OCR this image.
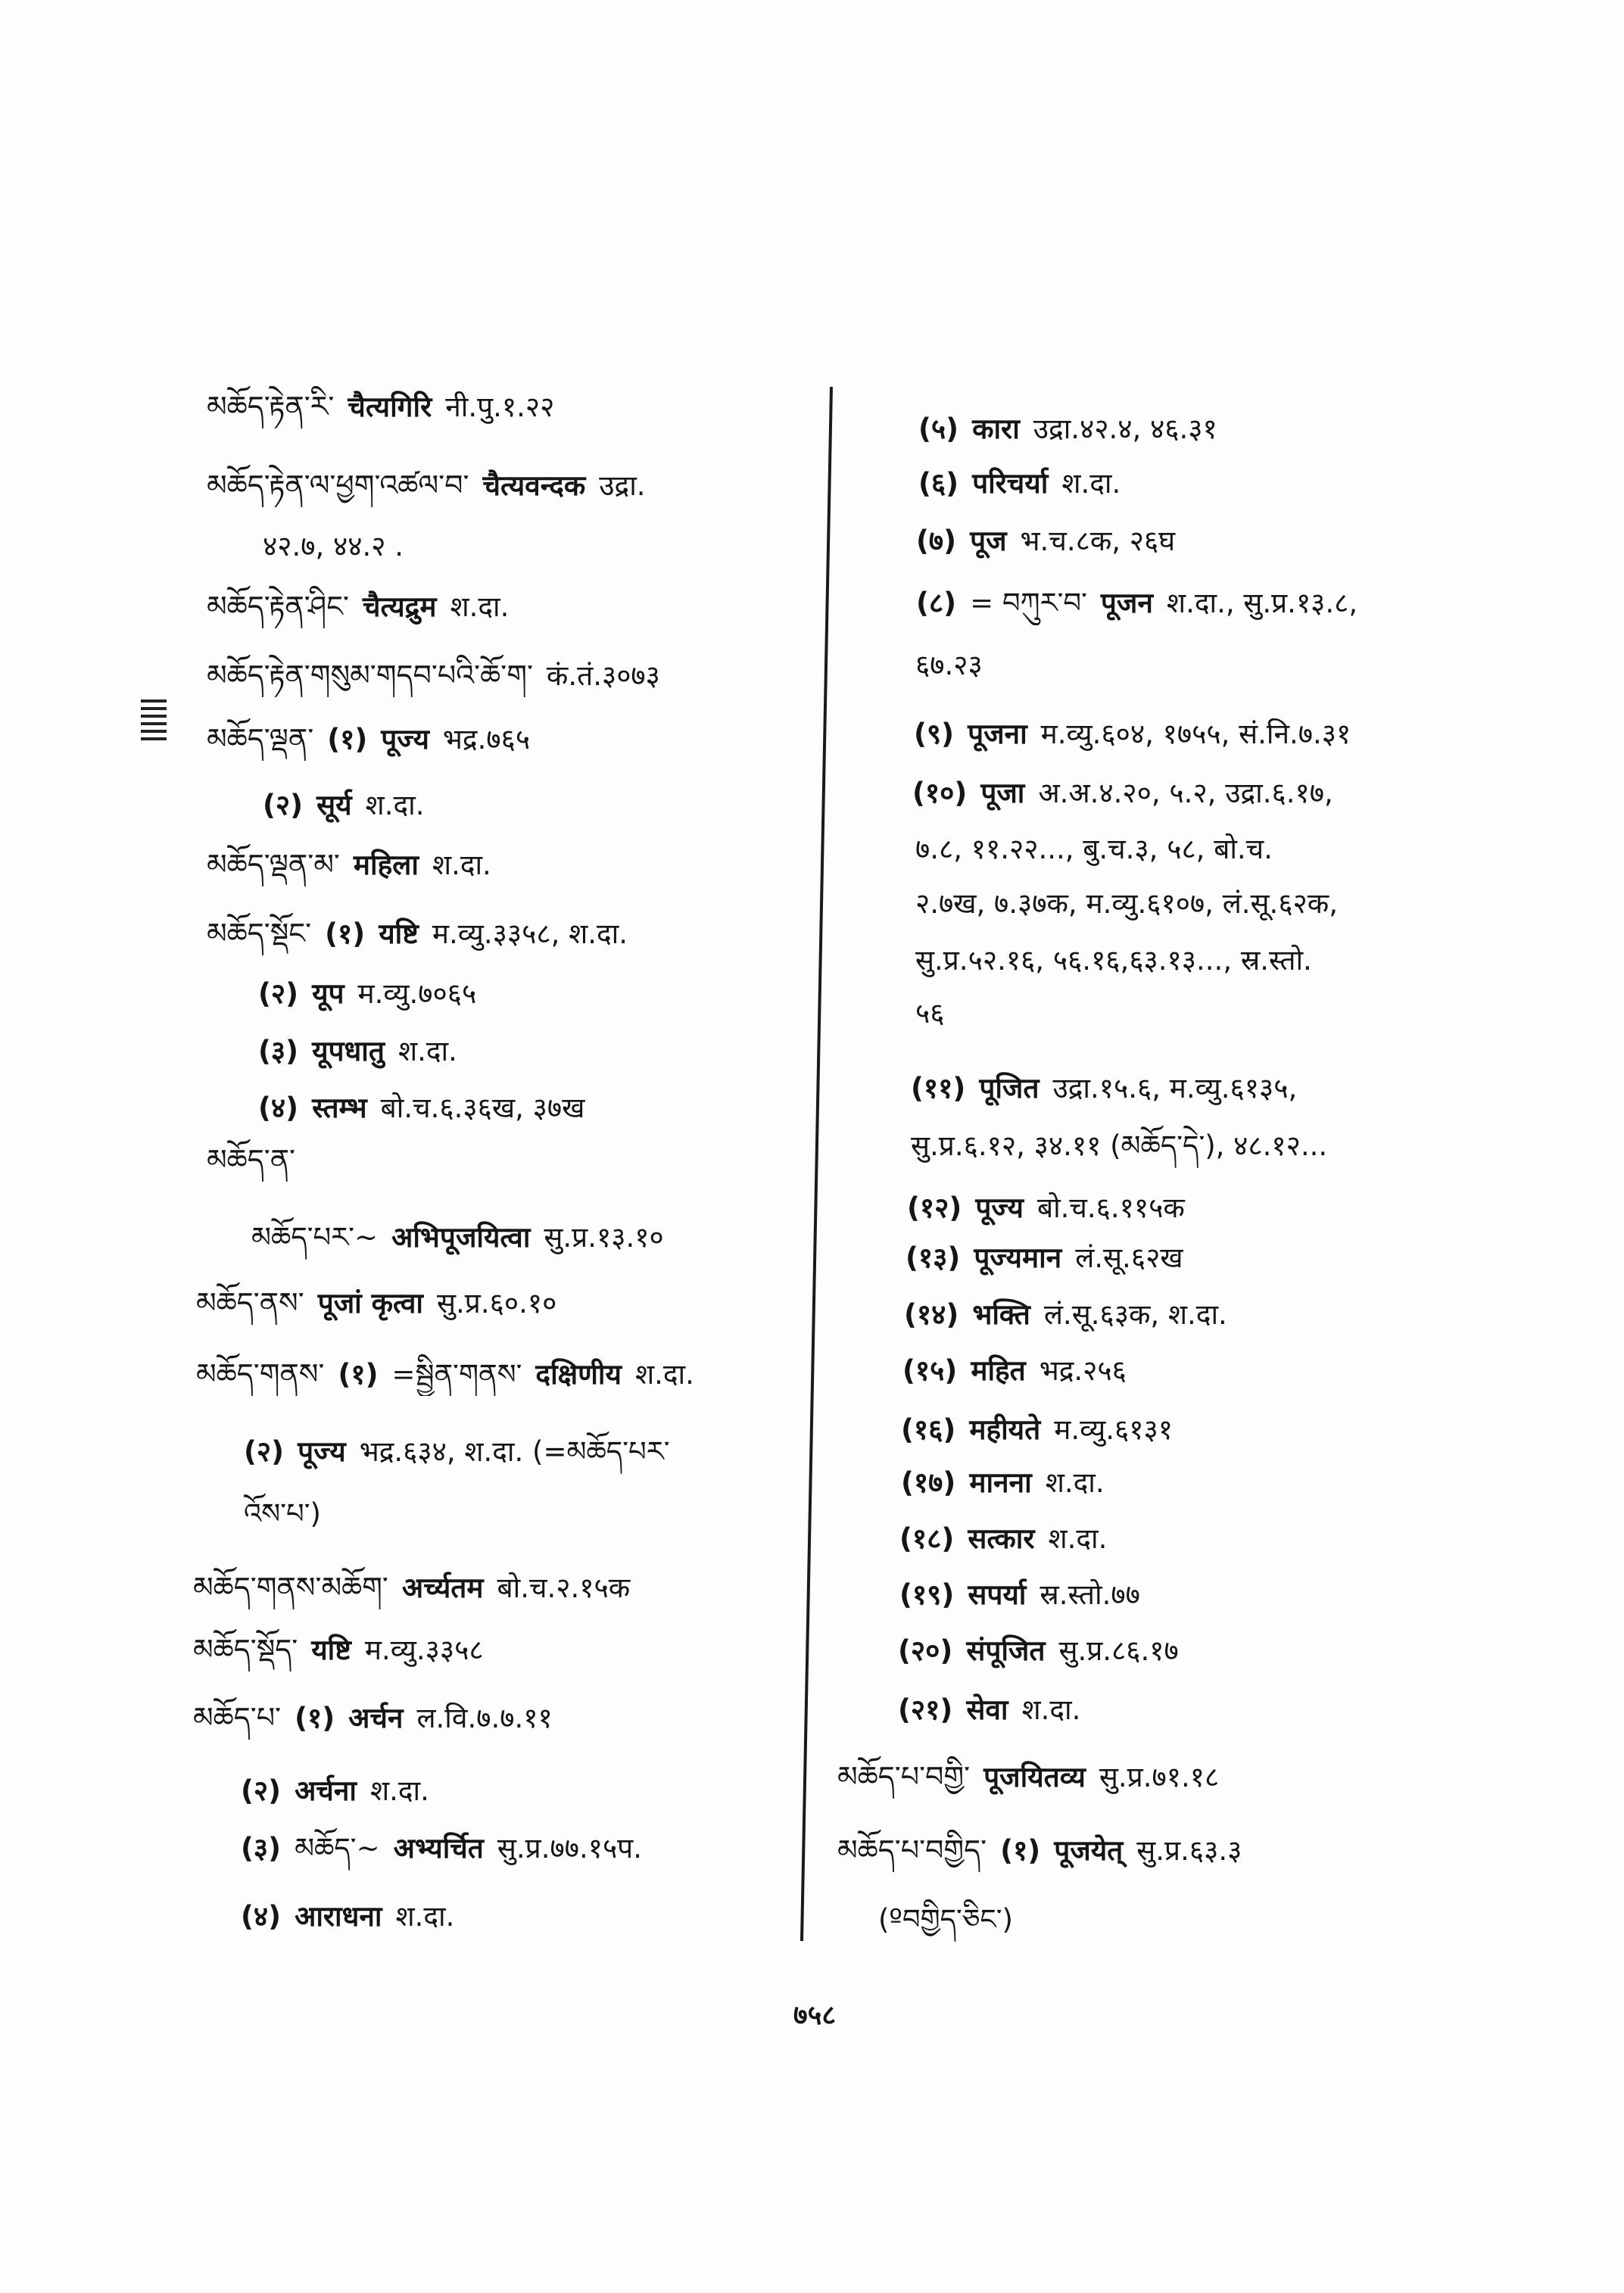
མཆོད་རྟེན་རི་ चैत्यगिरि नी.पु.१.२२
མཆོད་རྟེན་ལ་ཕྱག་འཚལ་བ་ चैत्यवन्दक उद्रा.
४२.७, ४४.२ .
མཆོད་རྟེན་ཤིང་ चैत्यद्रुम श.दा.
མཆོད་རྟེན་གསུམ་གདབ་པའི་ཆོ་ག་ कं.तं.३०७३
མཆོད་ལྡན་ (१) पूज्य भद्र.७६५
(२) सूर्य श.दा.
མཆོད་ལྡན་མ་ महिला श.दा.
མཆོད་སྡོང་ (१) यष्टि म.व्यु.३३५८, श.दा.
(२) यूप म.व्यु.७०६५
(३) यूपधातु श.दा.
(४) स्तम्भ बो.च.६.३६ख, ३७ख
མཆོད་ན་
མཆོད་པར་~ अभिपूजयित्वा सु.प्र.१३.१०
མཆོད་ནས་ पूजां कृत्वा सु.प्र.६०.१०
མཆོད་གནས་ (१) =སྦྱིན་གནས་ दक्षिणीय श.दा.
(२) पूज्य भद्र.६३४, श.दा. (=མཆོད་པར་
འོས་པ་)
མཆོད་གནས་མཆོག་ अर्च्यतम बो.च.२.१५क
མཆོད་སྡོད་ यष्टि म.व्यु.३३५८
མཆོད་པ་ (१) अर्चन ल.वि.७.७.११
(२) अर्चना श.दा.
(३) མཆོད་~ अभ्यर्चित सु.प्र.७७.१५प.
(४) आराधना श.दा.
(५) कारा उद्रा.४२.४, ४६.३१
(६) परिचर्या श.दा.
(७) पूज भ.च.८क, २६घ
(८) = བཀུར་བ་ पूजन श.दा., सु.प्र.१३.८,
६७.२३
(९) पूजना म.व्यु.६०४, १७५५, सं.नि.७.३१
(१०) पूजा अ.अ.४.२०, ५.२, उद्रा.६.१७,
७.८, ११.२२..., बु.च.३, ५८, बो.च.
२.७ख, ७.३७क, म.व्यु.६१०७, लं.सू.६२क,
सु.प्र.५२.१६, ५६.१६,६३.१३..., स्र.स्तो.
५६
(११) पूजित उद्रा.१५.६, म.व्यु.६१३५,
सु.प्र.६.१२, ३४.११ (མཆོད་དེ་), ४८.१२...
(१२) पूज्य बो.च.६.११५क
(१३) पूज्यमान लं.सू.६२ख
(१४) भक्ति लं.सू.६३क, श.दा.
(१५) महित भद्र.२५६
(१६) महीयते म.व्यु.६१३१
(१७) मानना श.दा.
(१८) सत्कार श.दा.
(१९) सपर्या स्र.स्तो.७७
(२०) संपूजित सु.प्र.८६.१७
(२१) सेवा श.दा.
མཆོད་པ་བགྱི་ पूजयितव्य सु.प्र.७१.१८
མཆོད་པ་བགྱིད་ (१) पूजयेत् सु.प्र.६३.३
(ºབགྱིད་ཅིང་)
७५८
